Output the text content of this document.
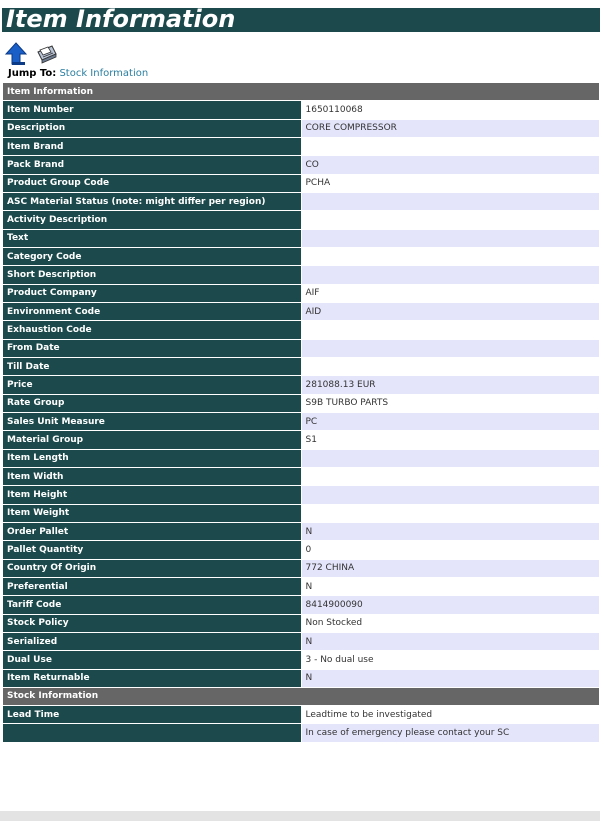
Item Information
Jump To: Stock Information
Item Information	
Item Number	1650110068
Description	CORE COMPRESSOR
Item Brand	
Pack Brand	CO
Product Group Code	PCHA
ASC Material Status (note: might differ per region)	
Activity Description	
Text	
Category Code	
Short Description	
Product Company	AIF
Environment Code	AID
Exhaustion Code	
From Date	
Till Date	
Price	281088.13 EUR
Rate Group	S9B TURBO PARTS
Sales Unit Measure	PC
Material Group	S1
Item Length	
Item Width	
Item Height	
Item Weight	
Order Pallet	N
Pallet Quantity	0
Country Of Origin	772 CHINA
Preferential	N
Tariff Code	8414900090
Stock Policy	Non Stocked
Serialized	N
Dual Use	3 - No dual use
Item Returnable	N
Stock Information	
Lead Time	Leadtime to be investigated
	In case of emergency please contact your SC
